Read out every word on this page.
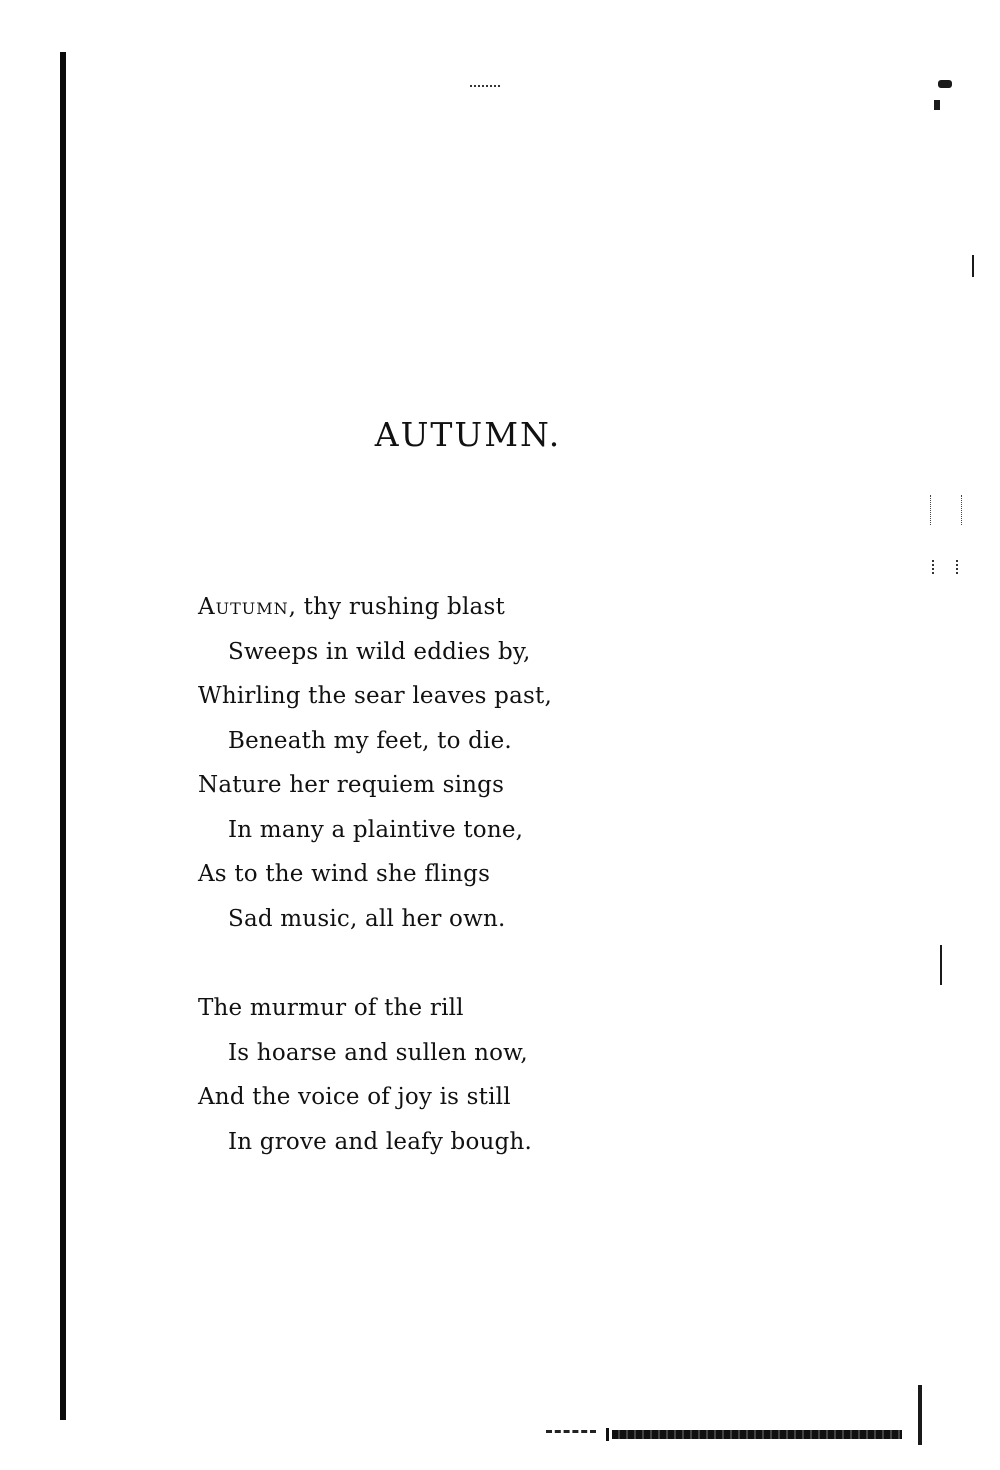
AUTUMN.
Autumn, thy rushing blast
Sweeps in wild eddies by,
Whirling the sear leaves past,
Beneath my feet, to die.
Nature her requiem sings
In many a plaintive tone,
As to the wind she flings
Sad music, all her own.
The murmur of the rill
Is hoarse and sullen now,
And the voice of joy is still
In grove and leafy bough.
